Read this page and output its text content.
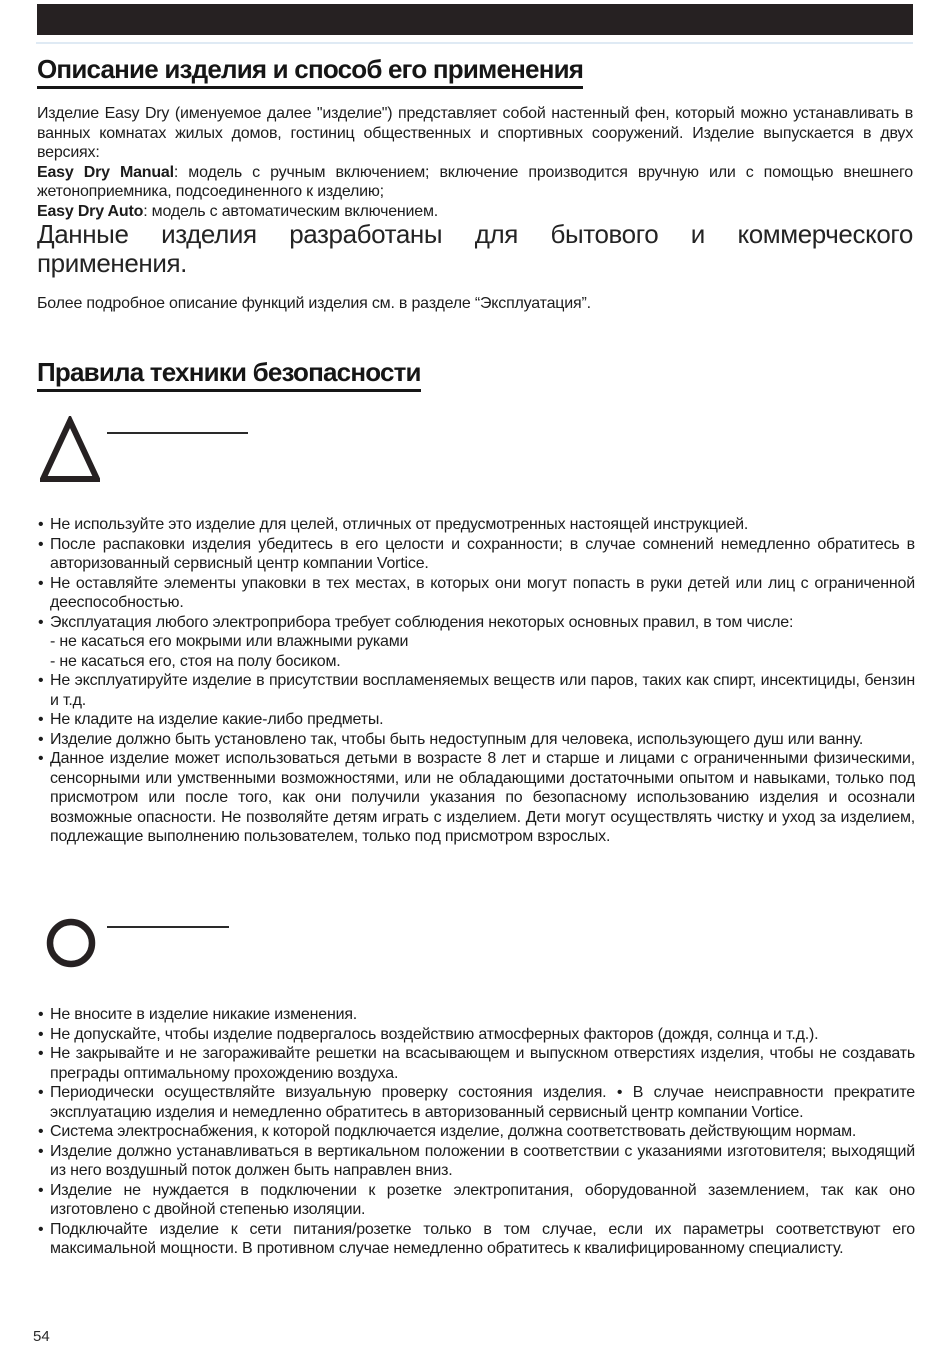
Описание изделия и способ его применения

Изделие Easy Dry (именуемое далее "изделие") представляет собой настенный фен, который можно устанавливать в ванных комнатах жилых домов, гостиниц общественных и спортивных сооружений. Изделие выпускается в двух версиях:

Easy Dry Manual: модель с ручным включением; включение производится вручную или с помощью внешнего жетоноприемника, подсоединенного к изделию;

Easy Dry Auto: модель с автоматическим включением.

Данные изделия разработаны для бытового и коммерческого применения.
Более подробное описание функций изделия см. в разделе “Эксплуатация”.
Правила техники безопасности
• Не используйте это изделие для целей, отличных от предусмотренных настоящей инструкцией.
• После распаковки изделия убедитесь в его целости и сохранности; в случае сомнений немедленно обратитесь в авторизованный сервисный центр компании Vortice.
• Не оставляйте элементы упаковки в тех местах, в которых они могут попасть в руки детей или лиц с ограниченной дееспособностью.
• Эксплуатация любого электроприбора требует соблюдения некоторых основных правил, в том числе:
- не касаться его мокрыми или влажными руками
- не касаться его, стоя на полу босиком.
• Не эксплуатируйте изделие в присутствии воспламеняемых веществ или паров, таких как спирт, инсектициды, бензин и т.д.
• Не кладите на изделие какие-либо предметы.
• Изделие должно быть установлено так, чтобы быть недоступным для человека, использующего душ или ванну.
• Данное изделие может использоваться детьми в возрасте 8 лет и старше и лицами с ограниченными физическими, сенсорными или умственными возможностями, или не обладающими достаточными опытом и навыками, только под присмотром или после того, как они получили указания по безопасному использованию изделия и осознали возможные опасности. Не позволяйте детям играть с изделием. Дети могут осуществлять чистку и уход за изделием, подлежащие выполнению пользователем, только под присмотром взрослых.
• Не вносите в изделие никакие изменения.
• Не допускайте, чтобы изделие подвергалось воздействию атмосферных факторов (дождя, солнца и т.д.).
• Не закрывайте и не загораживайте решетки на всасывающем и выпускном отверстиях изделия, чтобы не создавать преграды оптимальному прохождению воздуха.
• Периодически осуществляйте визуальную проверку состояния изделия. • В случае неисправности прекратите эксплуатацию изделия и немедленно обратитесь в авторизованный сервисный центр компании Vortice.
• Система электроснабжения, к которой подключается изделие, должна соответствовать действующим нормам.
• Изделие должно устанавливаться в вертикальном положении в соответствии с указаниями изготовителя; выходящий из него воздушный поток должен быть направлен вниз.
• Изделие не нуждается в подключении к розетке электропитания, оборудованной заземлением, так как оно изготовлено с двойной степенью изоляции.
• Подключайте изделие к сети питания/розетке только в том случае, если их параметры соответствуют его максимальной мощности. В противном случае немедленно обратитесь к квалифицированному специалисту.
54
